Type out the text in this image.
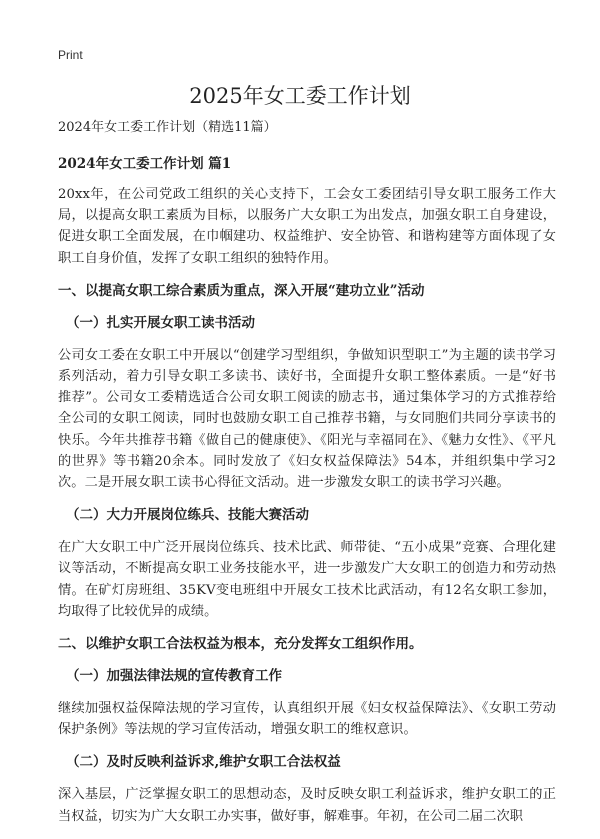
Print
2025年女工委工作计划

2024年女工委工作计划（精选11篇）

2024年女工委工作计划 篇1

20xx年，在公司党政工组织的关心支持下，工会女工委团结引导女职工服务工作大局，以提高女职工素质为目标，以服务广大女职工为出发点，加强女职工自身建设，促进女职工全面发展，在巾帼建功、权益维护、安全协管、和谐构建等方面体现了女职工自身价值，发挥了女职工组织的独特作用。

一、以提高女职工综合素质为重点，深入开展“建功立业”活动

（一）扎实开展女职工读书活动

公司女工委在女职工中开展以“创建学习型组织，争做知识型职工”为主题的读书学习系列活动，着力引导女职工多读书、读好书，全面提升女职工整体素质。一是“好书推荐”。公司女工委精选适合公司女职工阅读的励志书，通过集体学习的方式推荐给全公司的女职工阅读，同时也鼓励女职工自己推荐书籍，与女同胞们共同分享读书的快乐。今年共推荐书籍《做自己的健康使》、《阳光与幸福同在》、《魅力女性》、《平凡的世界》等书籍20余本。同时发放了《妇女权益保障法》54本，并组织集中学习2次。二是开展女职工读书心得征文活动。进一步激发女职工的读书学习兴趣。

（二）大力开展岗位练兵、技能大赛活动

在广大女职工中广泛开展岗位练兵、技术比武、师带徒、“五小成果”竞赛、合理化建议等活动，不断提高女职工业务技能水平，进一步激发广大女职工的创造力和劳动热情。在矿灯房班组、35KV变电班组中开展女工技术比武活动，有12名女职工参加，均取得了比较优异的成绩。

二、以维护女职工合法权益为根本，充分发挥女工组织作用。

（一）加强法律法规的宣传教育工作

继续加强权益保障法规的学习宣传，认真组织开展《妇女权益保障法》、《女职工劳动保护条例》等法规的学习宣传活动，增强女职工的维权意识。

（二）及时反映利益诉求,维护女职工合法权益

深入基层，广泛掌握女职工的思想动态，及时反映女职工利益诉求，维护女职工的正当权益，切实为广大女职工办实事，做好事，解难事。年初，在公司二届二次职
